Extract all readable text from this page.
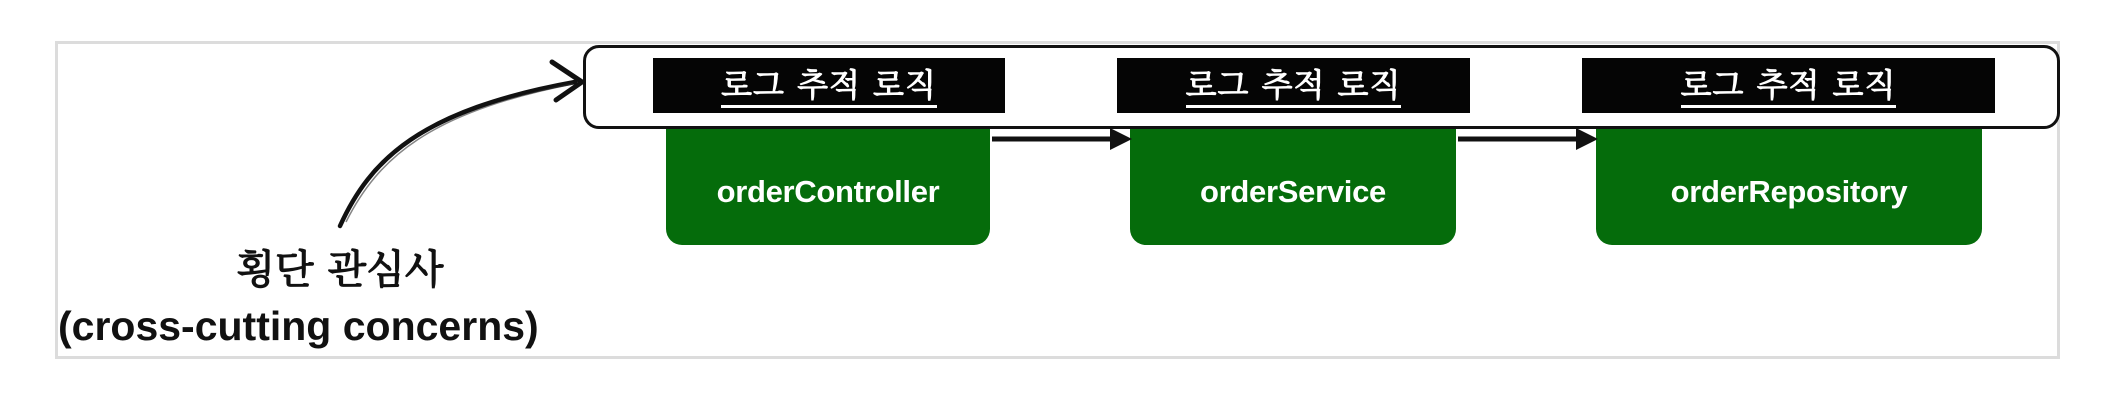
orderController	orderService	orderRepository
로그 추적 로직	로그 추적 로직	로그 추적 로직
횡단 관심사
(cross-cutting concerns)
